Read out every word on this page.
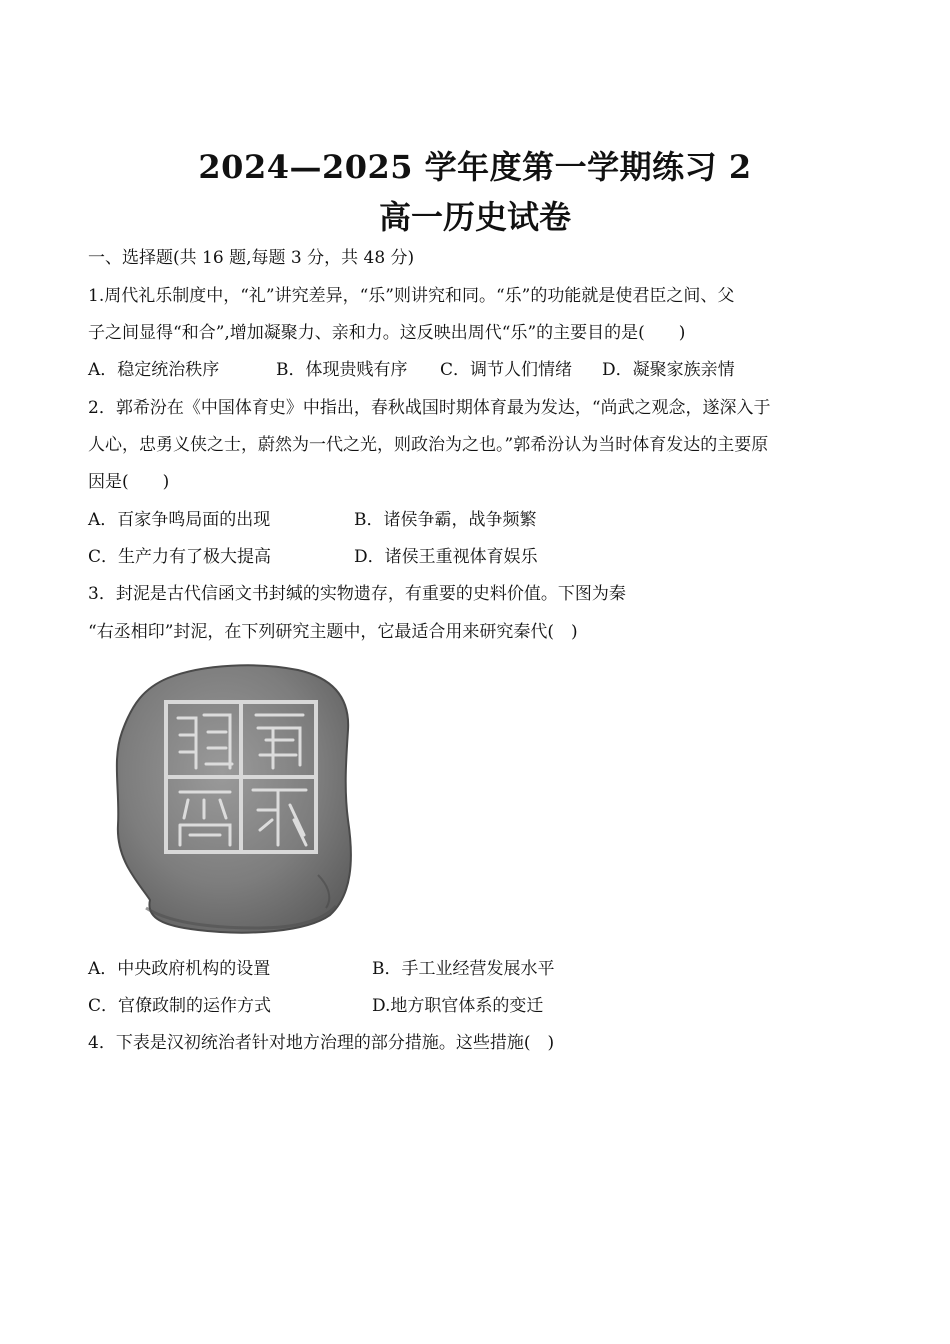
2024—2025 学年度第一学期练习 2
高一历史试卷
一、选择题(共 16 题,每题 3 分，共 48 分)
1.周代礼乐制度中，“礼”讲究差异，“乐”则讲究和同。“乐”的功能就是使君臣之间、父
子之间显得“和合”,增加凝聚力、亲和力。这反映出周代“乐”的主要目的是(　　)
A．稳定统治秩序	B．体现贵贱有序 C．调节人们情绪 D．凝聚家族亲情
2．郭希汾在《中国体育史》中指出，春秋战国时期体育最为发达，“尚武之观念，遂深入于
人心，忠勇义侠之士，蔚然为一代之光，则政治为之也。”郭希汾认为当时体育发达的主要原
因是(　　)
A．百家争鸣局面的出现	B．诸侯争霸，战争频繁
C．生产力有了极大提高	D．诸侯王重视体育娱乐
3．封泥是古代信函文书封缄的实物遗存，有重要的史料价值。下图为秦
“右丞相印”封泥，在下列研究主题中，它最适合用来研究秦代(　)
A．中央政府机构的设置	B．手工业经营发展水平
C．官僚政制的运作方式	D.地方职官体系的变迁
4．下表是汉初统治者针对地方治理的部分措施。这些措施(　)
